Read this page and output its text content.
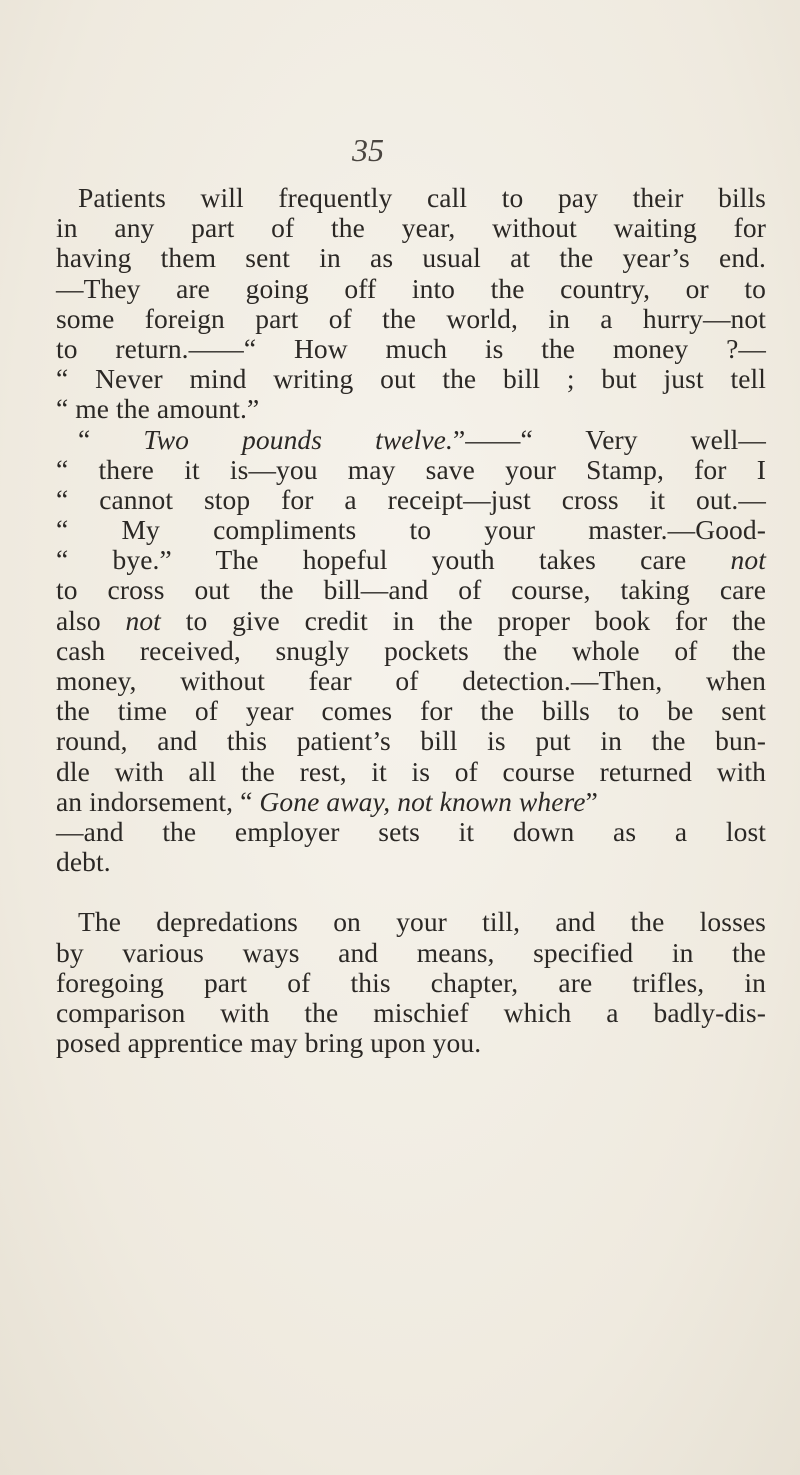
35
Patients will frequently call to pay their bills
in any part of the year, without waiting for
having them sent in as usual at the year’s end.
—They are going off into the country, or to
some foreign part of the world, in a hurry—not
to return.——“ How much is the money ?—
“ Never mind writing out the bill ; but just tell
“ me the amount.”
“ Two pounds twelve.”——“ Very well—
“ there it is—you may save your Stamp, for I
“ cannot stop for a receipt—just cross it out.—
“ My compliments to your master.—Good-
“ bye.” The hopeful youth takes care not
to cross out the bill—and of course, taking care
also not to give credit in the proper book for the
cash received, snugly pockets the whole of the
money, without fear of detection.—Then, when
the time of year comes for the bills to be sent
round, and this patient’s bill is put in the bun-
dle with all the rest, it is of course returned with
an indorsement, “ Gone away, not known where”
—and the employer sets it down as a lost
debt.
The depredations on your till, and the losses
by various ways and means, specified in the
foregoing part of this chapter, are trifles, in
comparison with the mischief which a badly-dis-
posed apprentice may bring upon you.
